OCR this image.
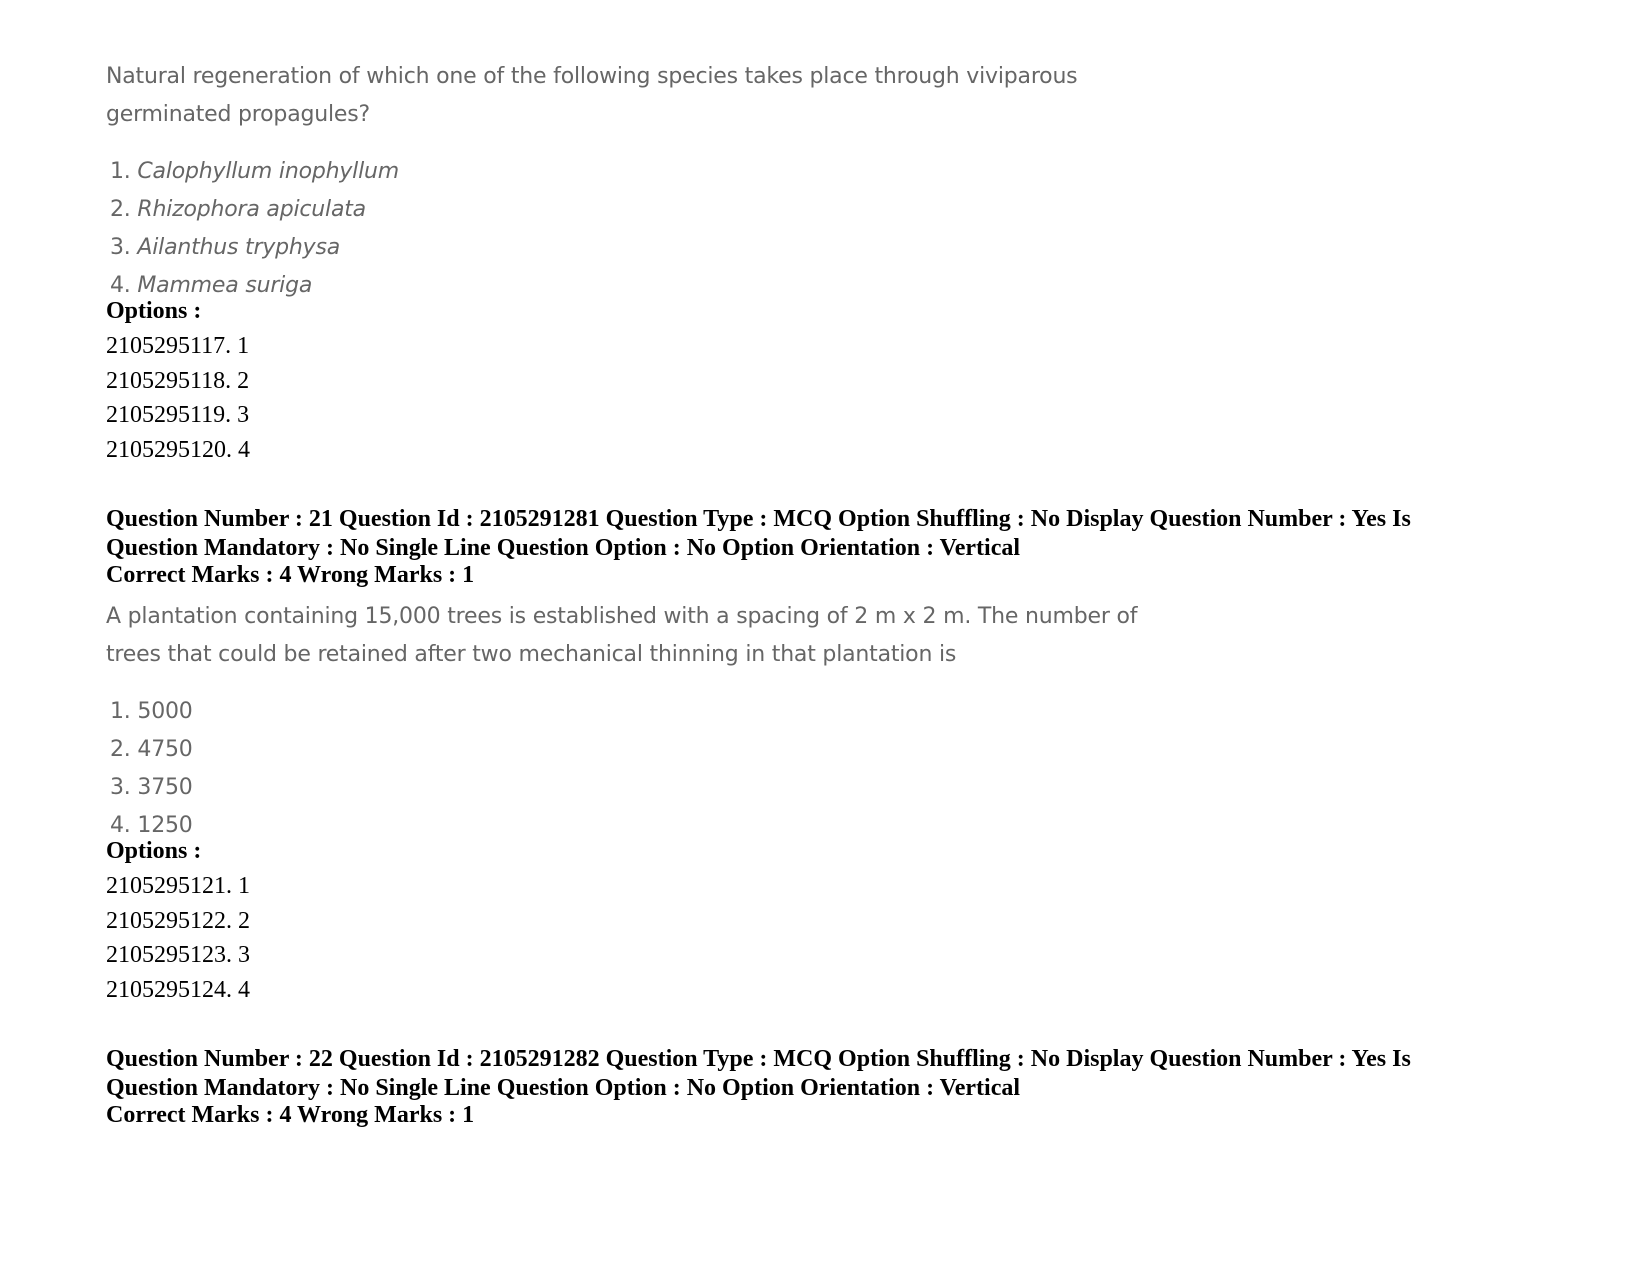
Natural regeneration of which one of the following species takes place through viviparous
germinated propagules?
1. Calophyllum inophyllum
2. Rhizophora apiculata
3. Ailanthus tryphysa
4. Mammea suriga
Options :
2105295117. 1
2105295118. 2
2105295119. 3
2105295120. 4
Question Number : 21 Question Id : 2105291281 Question Type : MCQ Option Shuffling : No Display Question Number : Yes Is
Question Mandatory : No Single Line Question Option : No Option Orientation : Vertical
Correct Marks : 4 Wrong Marks : 1
A plantation containing 15,000 trees is established with a spacing of 2 m x 2 m. The number of
trees that could be retained after two mechanical thinning in that plantation is
1. 5000
2. 4750
3. 3750
4. 1250
Options :
2105295121. 1
2105295122. 2
2105295123. 3
2105295124. 4
Question Number : 22 Question Id : 2105291282 Question Type : MCQ Option Shuffling : No Display Question Number : Yes Is
Question Mandatory : No Single Line Question Option : No Option Orientation : Vertical
Correct Marks : 4 Wrong Marks : 1
